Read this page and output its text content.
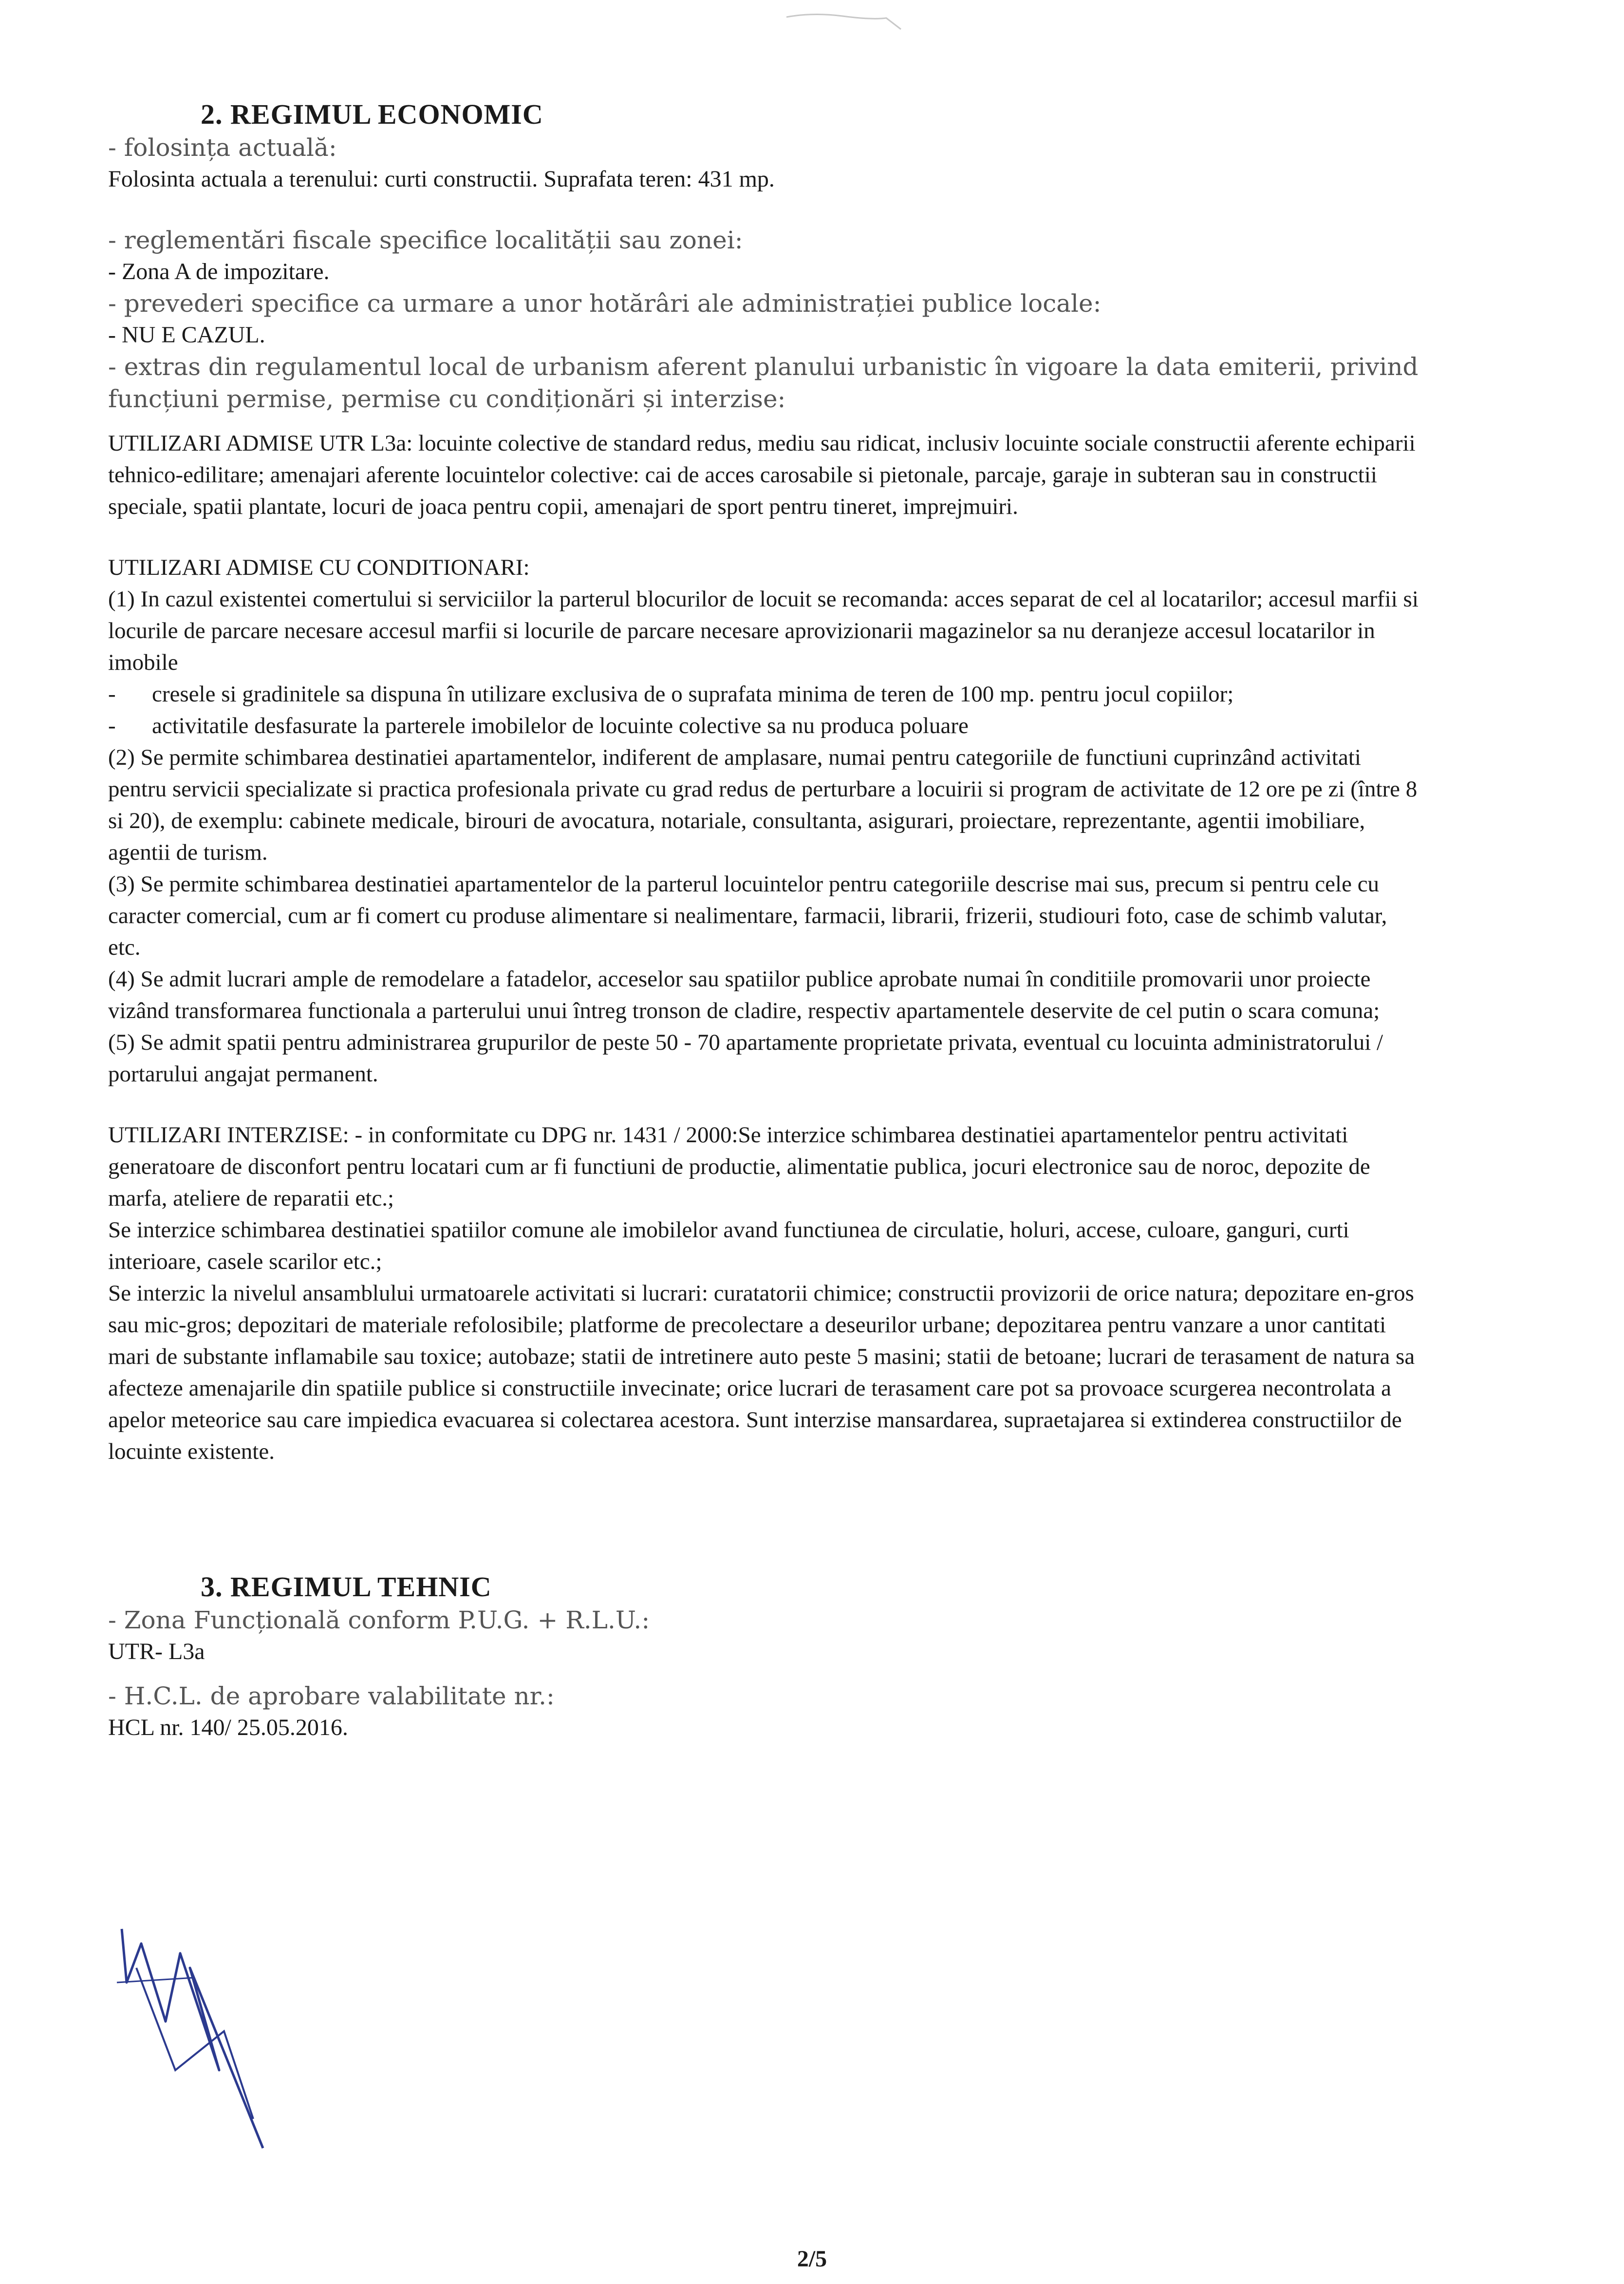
2. REGIMUL ECONOMIC

- folosința actuală:

Folosinta actuala a terenului: curti constructii. Suprafata teren: 431 mp.

- reglementări fiscale specifice localității sau zonei:

- Zona A de impozitare.

- prevederi specifice ca urmare a unor hotărâri ale administrației publice locale:

- NU E CAZUL.

- extras din regulamentul local de urbanism aferent planului urbanistic în vigoare la data emiterii, privind funcțiuni permise, permise cu condiționări și interzise:

UTILIZARI ADMISE UTR L3a: locuinte colective de standard redus, mediu sau ridicat, inclusiv locuinte sociale constructii aferente echiparii tehnico-edilitare; amenajari aferente locuintelor colective: cai de acces carosabile si pietonale, parcaje, garaje in subteran sau in constructii speciale, spatii plantate, locuri de joaca pentru copii, amenajari de sport pentru tineret, imprejmuiri.

UTILIZARI ADMISE CU CONDITIONARI:

(1) In cazul existentei comertului si serviciilor la parterul blocurilor de locuit se recomanda: acces separat de cel al locatarilor; accesul marfii si locurile de parcare necesare accesul marfii si locurile de parcare necesare aprovizionarii magazinelor sa nu deranjeze accesul locatarilor in imobile

-	cresele si gradinitele sa dispuna în utilizare exclusiva de o suprafata minima de teren de 100 mp. pentru jocul copiilor;

-	activitatile desfasurate la parterele imobilelor de locuinte colective sa nu produca poluare

(2) Se permite schimbarea destinatiei apartamentelor, indiferent de amplasare, numai pentru categoriile de functiuni cuprinzând activitati pentru servicii specializate si practica profesionala private cu grad redus de perturbare a locuirii si program de activitate de 12 ore pe zi (între 8 si 20), de exemplu: cabinete medicale, birouri de avocatura, notariale, consultanta, asigurari, proiectare, reprezentante, agentii imobiliare, agentii de turism.

(3) Se permite schimbarea destinatiei apartamentelor de la parterul locuintelor pentru categoriile descrise mai sus, precum si pentru cele cu caracter comercial, cum ar fi comert cu produse alimentare si nealimentare, farmacii, librarii, frizerii, studiouri foto, case de schimb valutar, etc.

(4) Se admit lucrari ample de remodelare a fatadelor, acceselor sau spatiilor publice aprobate numai în conditiile promovarii unor proiecte vizând transformarea functionala a parterului unui întreg tronson de cladire, respectiv apartamentele deservite de cel putin o scara comuna;

(5) Se admit spatii pentru administrarea grupurilor de peste 50 - 70 apartamente proprietate privata, eventual cu locuinta administratorului / portarului angajat permanent.

UTILIZARI INTERZISE: - in conformitate cu DPG nr. 1431 / 2000:Se interzice schimbarea destinatiei apartamentelor pentru activitati generatoare de disconfort pentru locatari cum ar fi functiuni de productie, alimentatie publica, jocuri electronice sau de noroc, depozite de marfa, ateliere de reparatii etc.;

Se interzice schimbarea destinatiei spatiilor comune ale imobilelor avand functiunea de circulatie, holuri, accese, culoare, ganguri, curti interioare, casele scarilor etc.;

Se interzic la nivelul ansamblului urmatoarele activitati si lucrari: curatatorii chimice; constructii provizorii de orice natura; depozitare en-gros sau mic-gros; depozitari de materiale refolosibile; platforme de precolectare a deseurilor urbane; depozitarea pentru vanzare a unor cantitati mari de substante inflamabile sau toxice; autobaze; statii de intretinere auto peste 5 masini; statii de betoane; lucrari de terasament de natura sa afecteze amenajarile din spatiile publice si constructiile invecinate; orice lucrari de terasament care pot sa provoace scurgerea necontrolata a apelor meteorice sau care impiedica evacuarea si colectarea acestora. Sunt interzise mansardarea, supraetajarea si extinderea constructiilor de locuinte existente.

3. REGIMUL TEHNIC

- Zona Funcțională conform P.U.G. + R.L.U.:

UTR- L3a

- H.C.L. de aprobare valabilitate nr.:

HCL nr. 140/ 25.05.2016.

2/5
